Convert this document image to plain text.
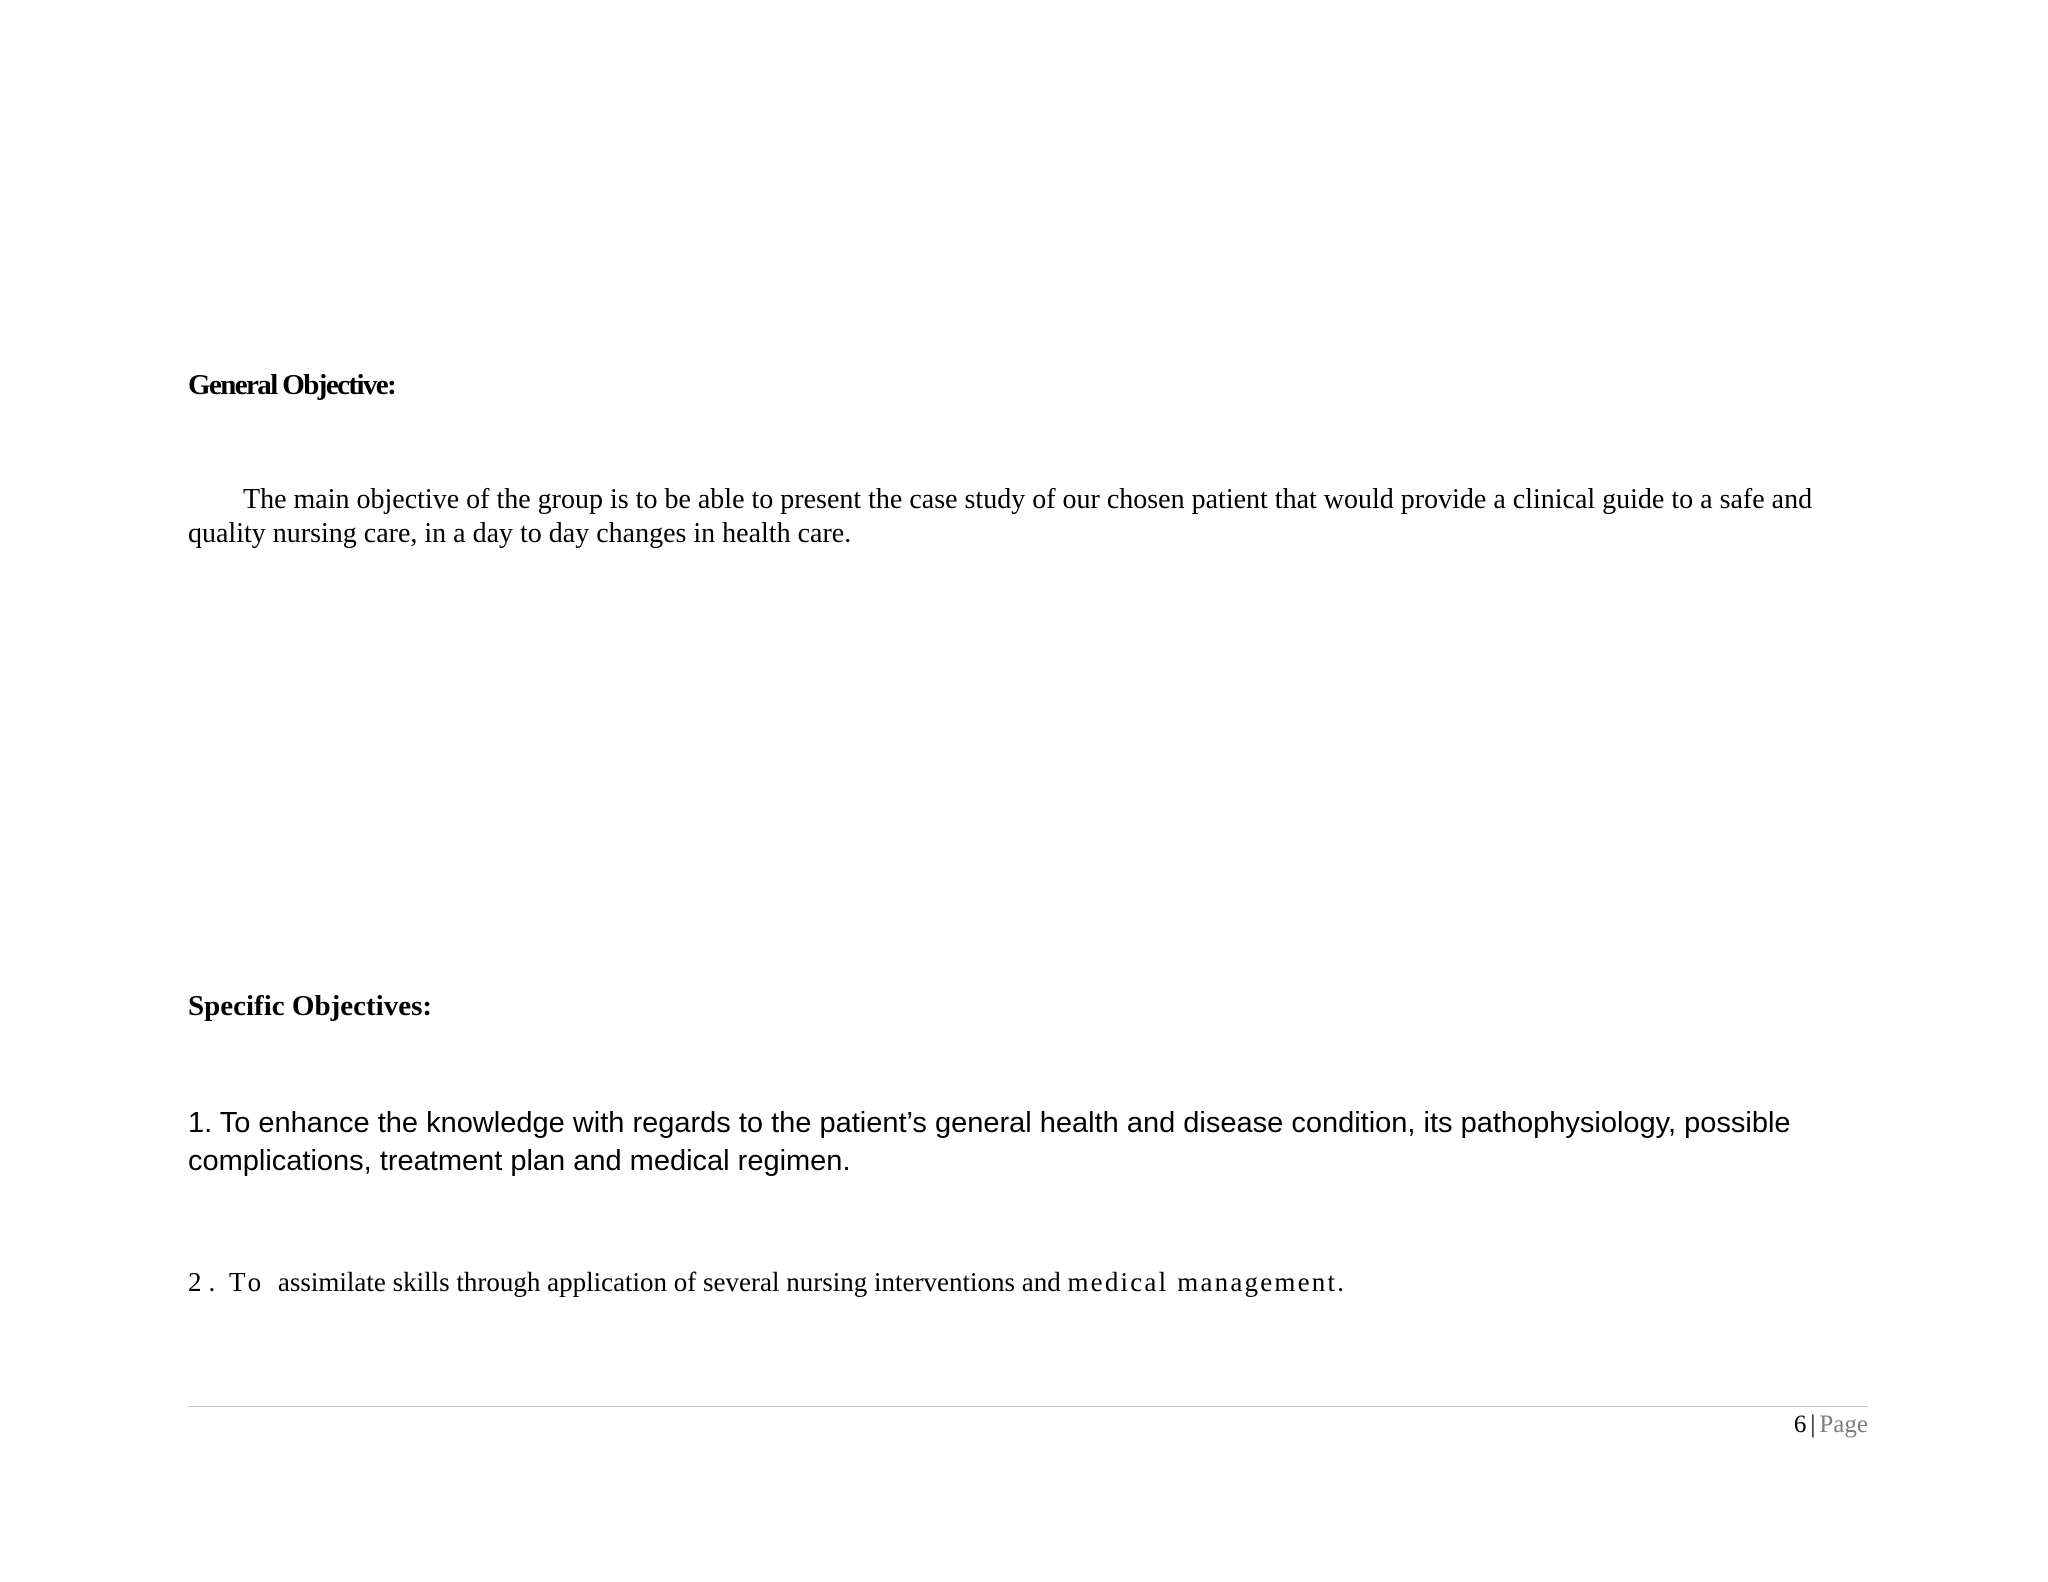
General Objective:

The main objective of the group is to be able to present the case study of our chosen patient that would provide a clinical guide to a safe and quality nursing care, in a day to day changes in health care.

Specific Objectives:

1. To enhance the knowledge with regards to the patient’s general health and disease condition, its pathophysiology, possible complications, treatment plan and medical regimen.

2. To assimilate skills through application of several nursing interventions and medical management.

6 | Page
